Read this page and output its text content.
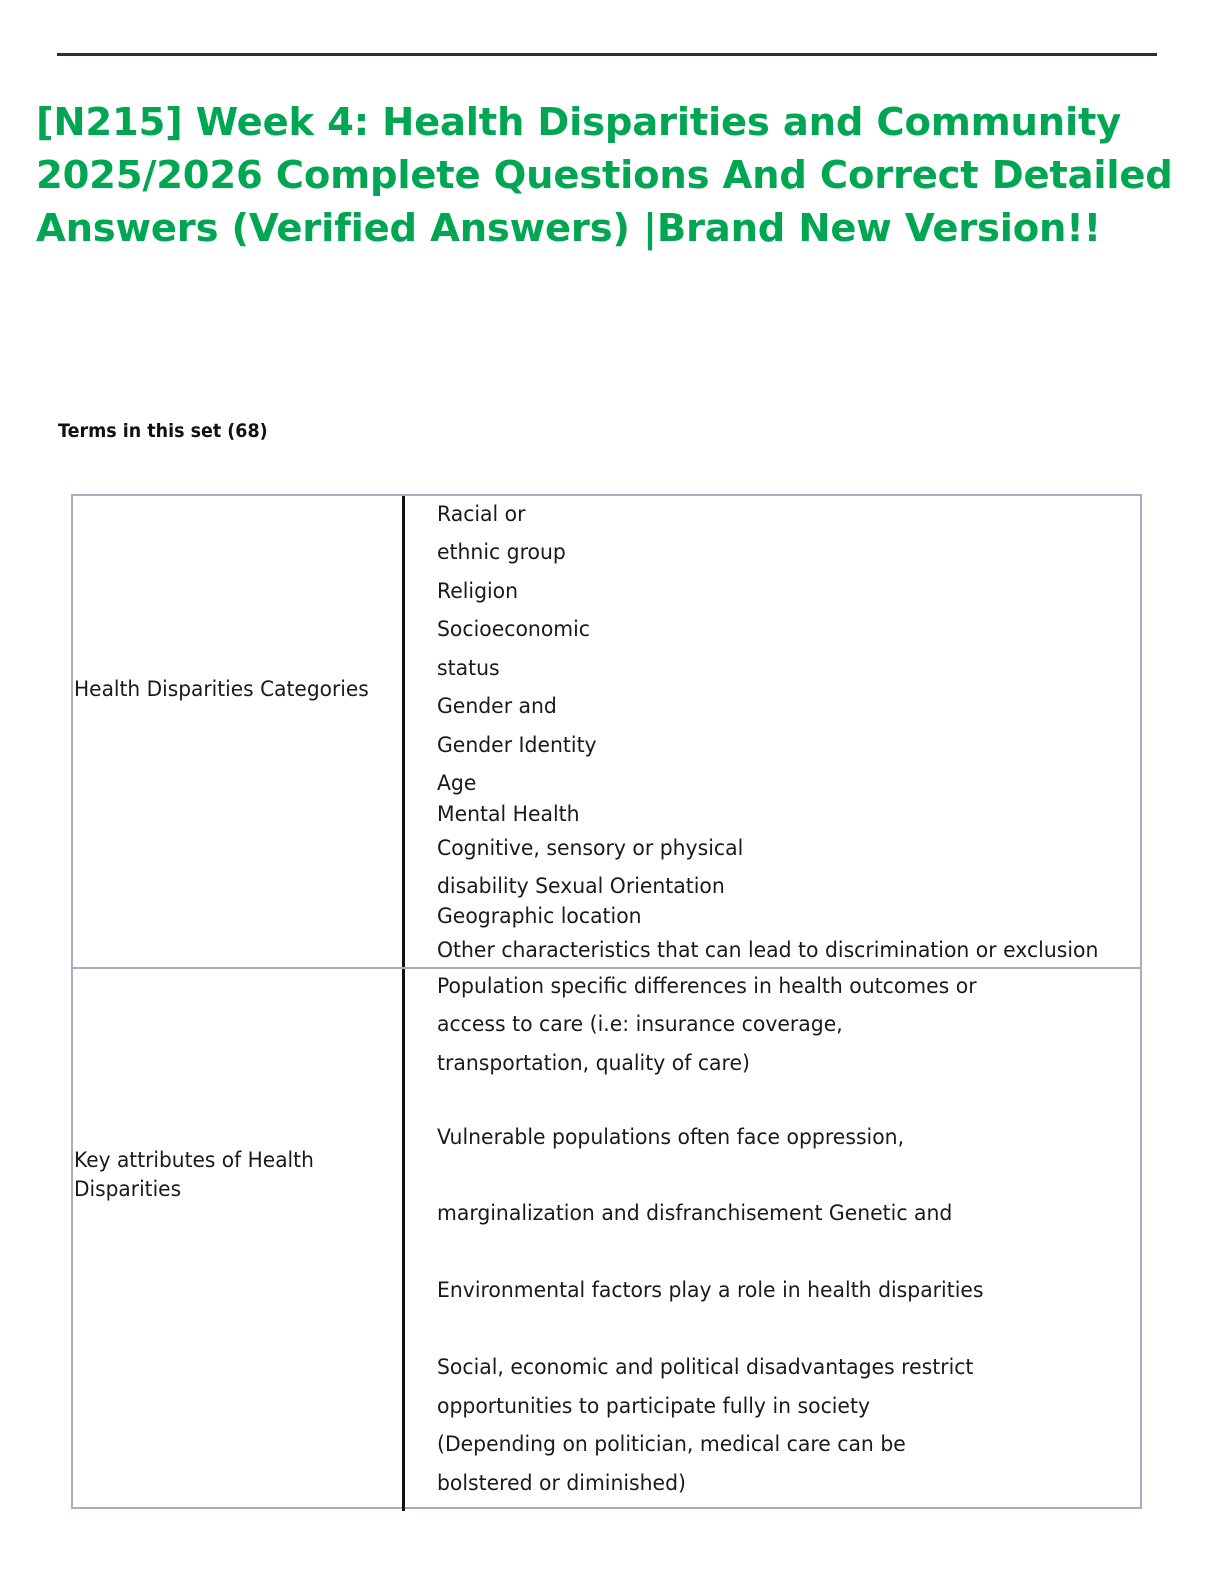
[N215] Week 4: Health Disparities and Community
2025/2026 Complete Questions And Correct Detailed
Answers (Verified Answers) |Brand New Version!!
Terms in this set (68)
Health Disparities Categories
Racial or
ethnic group
Religion
Socioeconomic
status
Gender and
Gender Identity
Age
Mental Health
Cognitive, sensory or physical
disability Sexual Orientation
Geographic location
Other characteristics that can lead to discrimination or exclusion
Key attributes of Health
Disparities
Population specific differences in health outcomes or
access to care (i.e: insurance coverage,
transportation, quality of care)
Vulnerable populations often face oppression,
marginalization and disfranchisement Genetic and
Environmental factors play a role in health disparities
Social, economic and political disadvantages restrict
opportunities to participate fully in society
(Depending on politician, medical care can be
bolstered or diminished)
